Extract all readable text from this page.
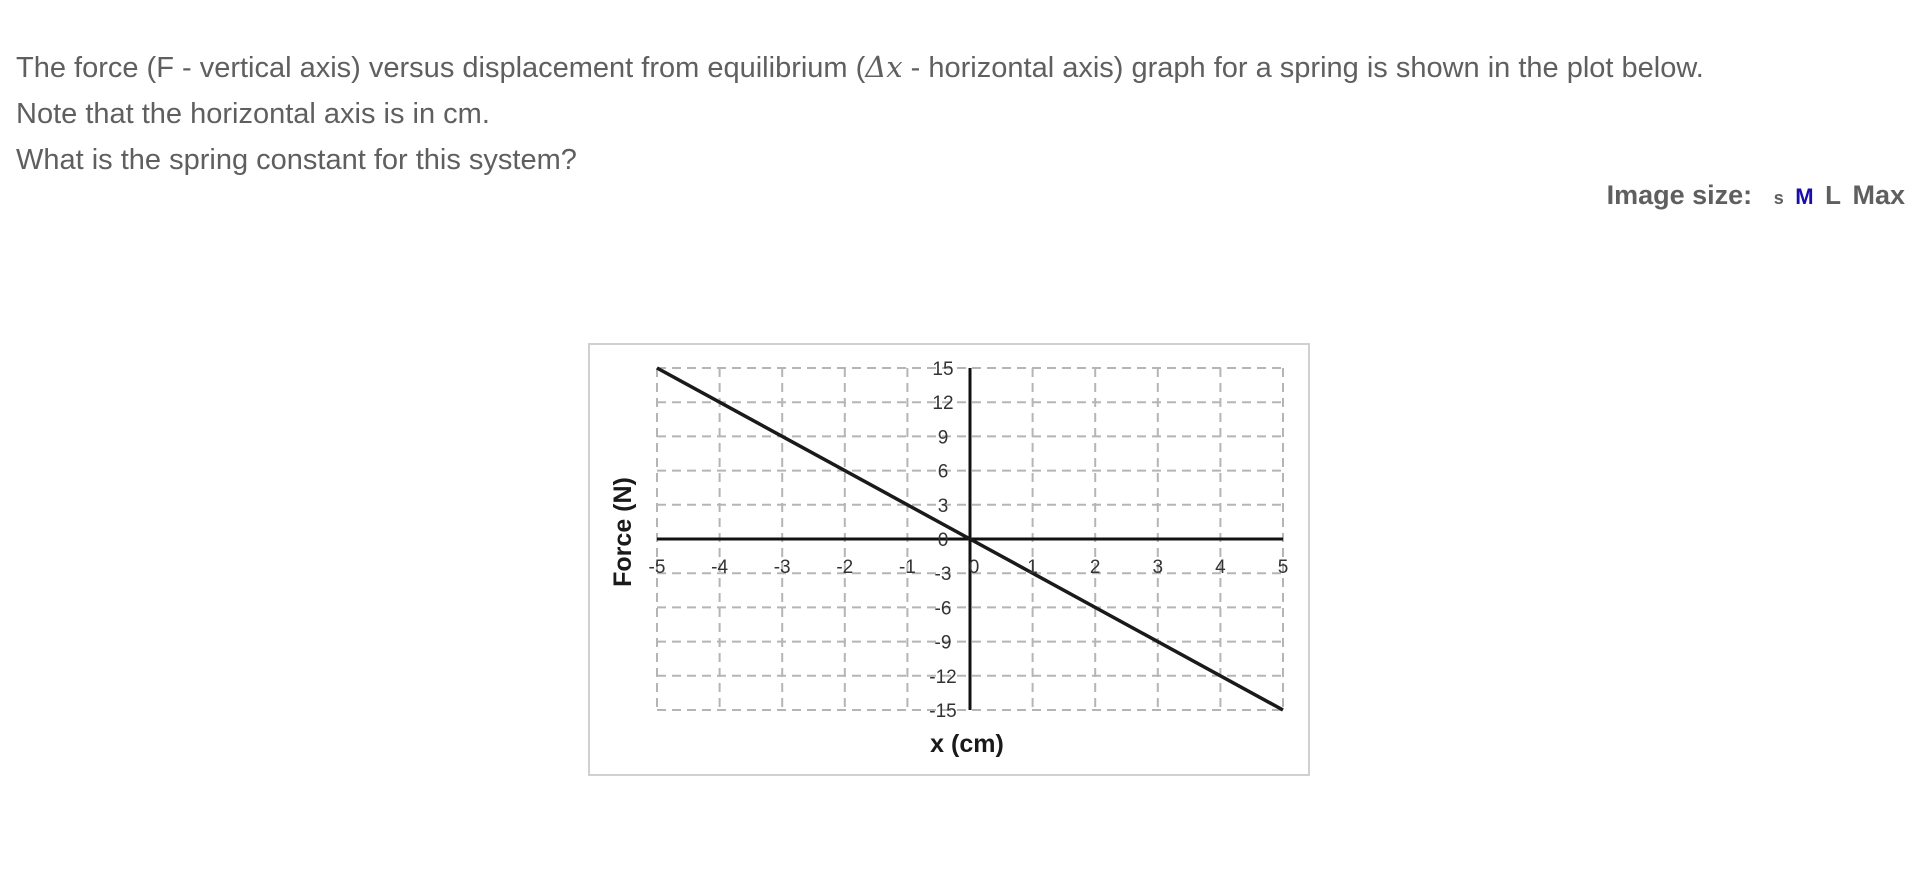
The force (F - vertical axis) versus displacement from equilibrium (Δx - horizontal axis) graph for a spring is shown in the plot below.

Note that the horizontal axis is in cm.

What is the spring constant for this system?

Image size: s M L Max
-5 -4 -3 -2 -1	0	1	2	3	4	5
15
12
9
6
3
0
-3
-6
-9
-12
-15
x (cm)
Force (N)
